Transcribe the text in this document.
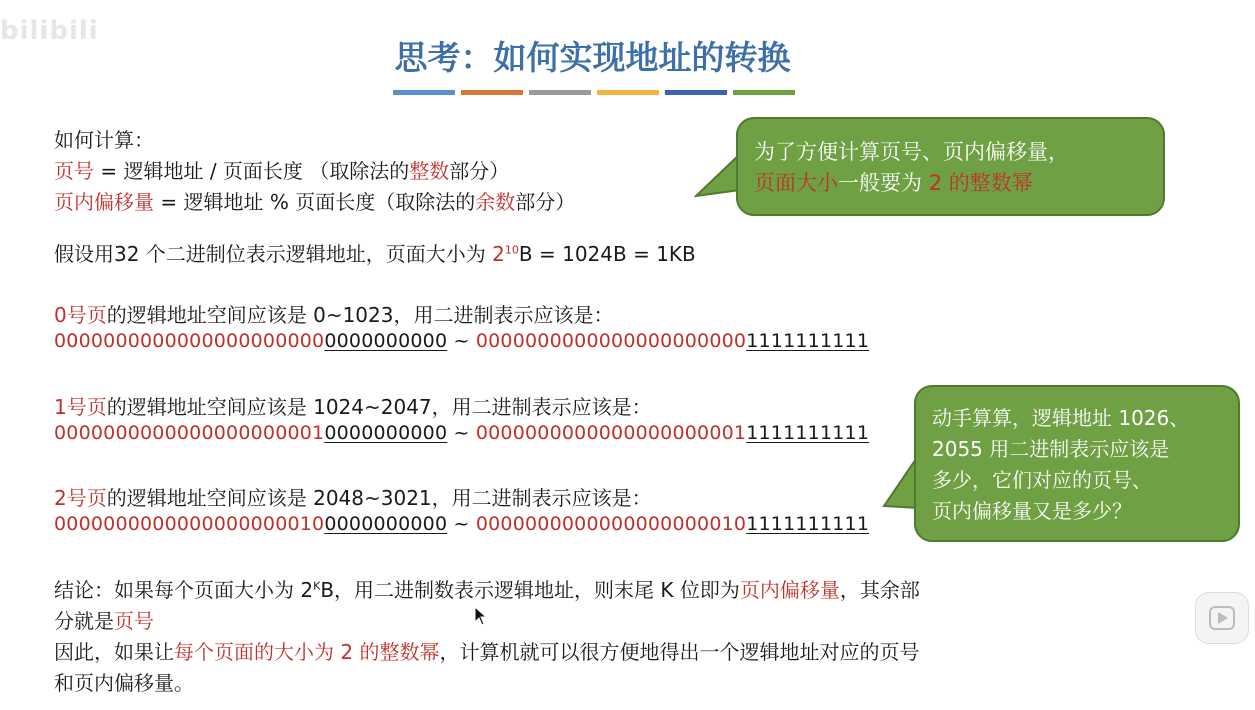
bilibili
思考：如何实现地址的转换
如何计算：
页号 = 逻辑地址 / 页面长度 （取除法的整数部分）
页内偏移量 = 逻辑地址 % 页面长度（取除法的余数部分）
假设用32 个二进制位表示逻辑地址，页面大小为 $2^{10}B = 1024B = 1KB$
0号页的逻辑地址空间应该是 0~1023，用二进制表示应该是：
00000000000000000000000000000000 ~ 00000000000000000000001111111111
1号页的逻辑地址空间应该是 1024~2047，用二进制表示应该是：
00000000000000000000010000000000 ~ 00000000000000000000011111111111
2号页的逻辑地址空间应该是 2048~3021，用二进制表示应该是：
00000000000000000000100000000000 ~ 00000000000000000000101111111111
结论：如果每个页面大小为 $2^KB$，用二进制数表示逻辑地址，则末尾 K 位即为页内偏移量，其余部
分就是页号
因此，如果让每个页面的大小为 2 的整数幂，计算机就可以很方便地得出一个逻辑地址对应的页号
和页内偏移量。
为了方便计算页号、页内偏移量，
页面大小一般要为 2 的整数幂
动手算算，逻辑地址 1026、
2055 用二进制表示应该是
多少，它们对应的页号、
页内偏移量又是多少？
